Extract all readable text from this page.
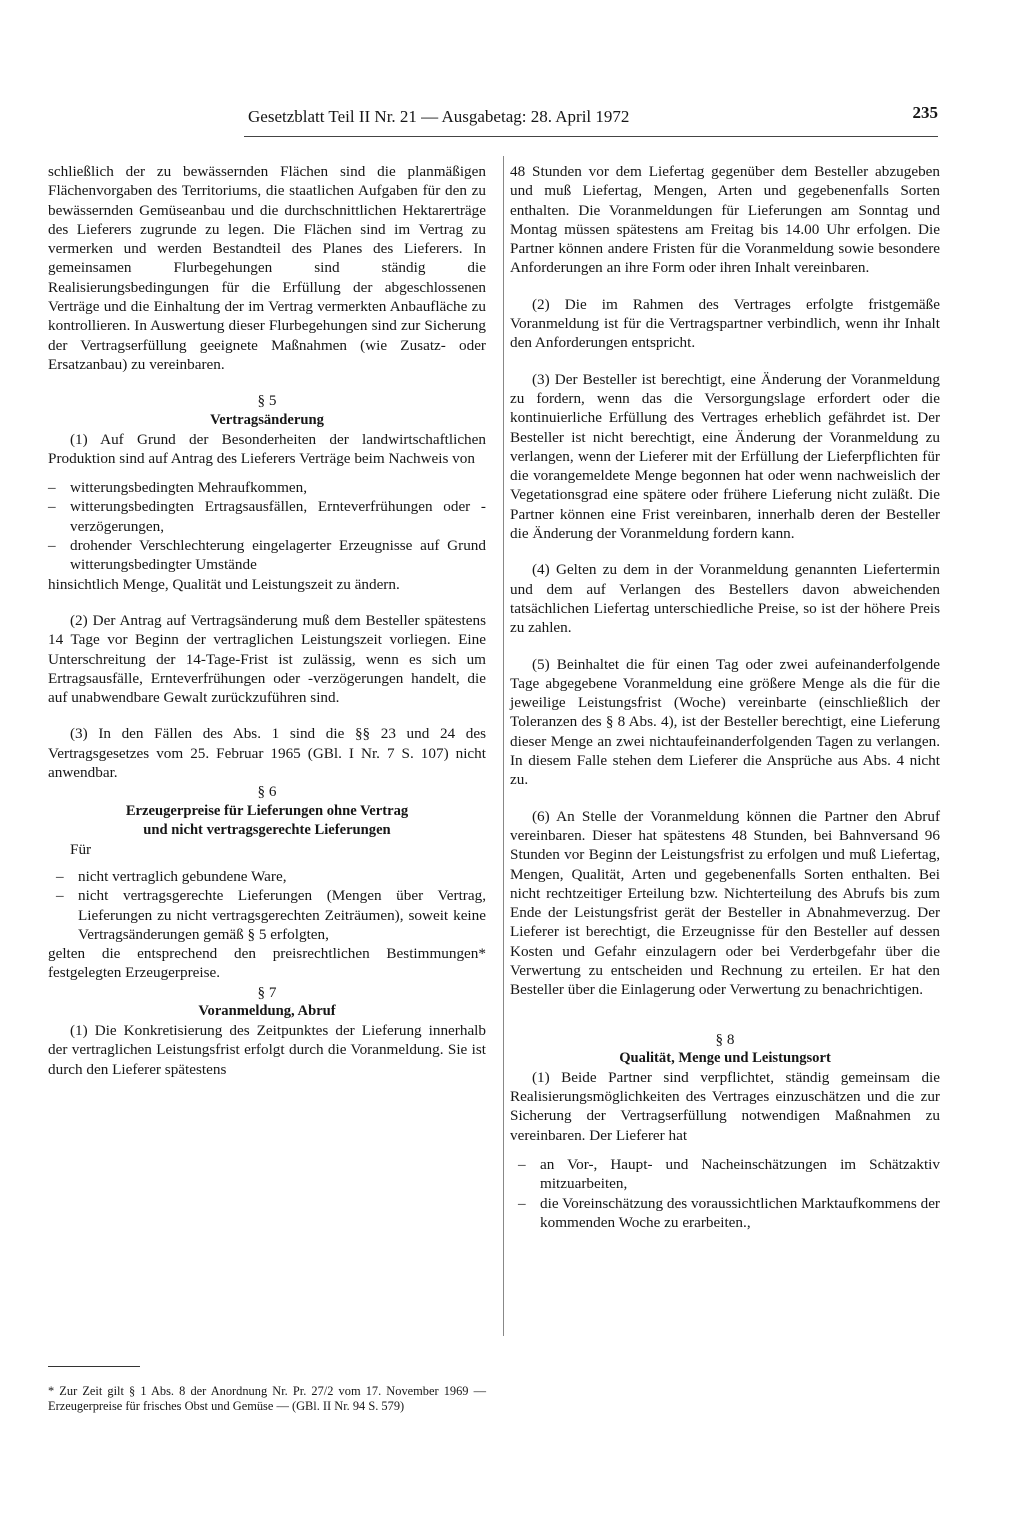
Gesetzblatt Teil II Nr. 21 — Ausgabetag: 28. April 1972	235

schließlich der zu bewässernden Flächen sind die planmäßigen Flächenvorgaben des Territoriums, die staatlichen Aufgaben für den zu bewässernden Gemüseanbau und die durchschnittlichen Hektarerträge des Lieferers zugrunde zu legen. Die Flächen sind im Vertrag zu vermerken und werden Bestandteil des Planes des Lieferers. In gemeinsamen Flurbegehungen sind ständig die Realisierungsbedingungen für die Erfüllung der abgeschlossenen Verträge und die Einhaltung der im Vertrag vermerkten Anbaufläche zu kontrollieren. In Auswertung dieser Flurbegehungen sind zur Sicherung der Vertragserfüllung geeignete Maßnahmen (wie Zusatz- oder Ersatzanbau) zu vereinbaren.

§ 5

Vertragsänderung

(1) Auf Grund der Besonderheiten der landwirtschaftlichen Produktion sind auf Antrag des Lieferers Verträge beim Nachweis von

– witterungsbedingten Mehraufkommen,

– witterungsbedingten Ertragsausfällen, Ernteverfrühungen oder -verzögerungen,

– drohender Verschlechterung eingelagerter Erzeugnisse auf Grund witterungsbedingter Umstände

hinsichtlich Menge, Qualität und Leistungszeit zu ändern.

(2) Der Antrag auf Vertragsänderung muß dem Besteller spätestens 14 Tage vor Beginn der vertraglichen Leistungszeit vorliegen. Eine Unterschreitung der 14-Tage-Frist ist zulässig, wenn es sich um Ertragsausfälle, Ernteverfrühungen oder -verzögerungen handelt, die auf unabwendbare Gewalt zurückzuführen sind.

(3) In den Fällen des Abs. 1 sind die §§ 23 und 24 des Vertragsgesetzes vom 25. Februar 1965 (GBl. I Nr. 7 S. 107) nicht anwendbar.

§ 6

Erzeugerpreise für Lieferungen ohne Vertrag
und nicht vertragsgerechte Lieferungen

Für

– nicht vertraglich gebundene Ware,

– nicht vertragsgerechte Lieferungen (Mengen über Vertrag, Lieferungen zu nicht vertragsgerechten Zeiträumen), soweit keine Vertragsänderungen gemäß § 5 erfolgten,

gelten die entsprechend den preisrechtlichen Bestimmungen* festgelegten Erzeugerpreise.

§ 7

Voranmeldung, Abruf

(1) Die Konkretisierung des Zeitpunktes der Lieferung innerhalb der vertraglichen Leistungsfrist erfolgt durch die Voranmeldung. Sie ist durch den Lieferer spätestens

* Zur Zeit gilt § 1 Abs. 8 der Anordnung Nr. Pr. 27/2 vom 17. November 1969 — Erzeugerpreise für frisches Obst und Gemüse — (GBl. II Nr. 94 S. 579)

48 Stunden vor dem Liefertag gegenüber dem Besteller abzugeben und muß Liefertag, Mengen, Arten und gegebenenfalls Sorten enthalten. Die Voranmeldungen für Lieferungen am Sonntag und Montag müssen spätestens am Freitag bis 14.00 Uhr erfolgen. Die Partner können andere Fristen für die Voranmeldung sowie besondere Anforderungen an ihre Form oder ihren Inhalt vereinbaren.

(2) Die im Rahmen des Vertrages erfolgte fristgemäße Voranmeldung ist für die Vertragspartner verbindlich, wenn ihr Inhalt den Anforderungen entspricht.

(3) Der Besteller ist berechtigt, eine Änderung der Voranmeldung zu fordern, wenn das die Versorgungslage erfordert oder die kontinuierliche Erfüllung des Vertrages erheblich gefährdet ist. Der Besteller ist nicht berechtigt, eine Änderung der Voranmeldung zu verlangen, wenn der Lieferer mit der Erfüllung der Lieferpflichten für die vorangemeldete Menge begonnen hat oder wenn nachweislich der Vegetationsgrad eine spätere oder frühere Lieferung nicht zuläßt. Die Partner können eine Frist vereinbaren, innerhalb deren der Besteller die Änderung der Voranmeldung fordern kann.

(4) Gelten zu dem in der Voranmeldung genannten Liefertermin und dem auf Verlangen des Bestellers davon abweichenden tatsächlichen Liefertag unterschiedliche Preise, so ist der höhere Preis zu zahlen.

(5) Beinhaltet die für einen Tag oder zwei aufeinanderfolgende Tage abgegebene Voranmeldung eine größere Menge als die für die jeweilige Leistungsfrist (Woche) vereinbarte (einschließlich der Toleranzen des § 8 Abs. 4), ist der Besteller berechtigt, eine Lieferung dieser Menge an zwei nichtaufeinanderfolgenden Tagen zu verlangen. In diesem Falle stehen dem Lieferer die Ansprüche aus Abs. 4 nicht zu.

(6) An Stelle der Voranmeldung können die Partner den Abruf vereinbaren. Dieser hat spätestens 48 Stunden, bei Bahnversand 96 Stunden vor Beginn der Leistungsfrist zu erfolgen und muß Liefertag, Mengen, Qualität, Arten und gegebenenfalls Sorten enthalten. Bei nicht rechtzeitiger Erteilung bzw. Nichterteilung des Abrufs bis zum Ende der Leistungsfrist gerät der Besteller in Abnahmeverzug. Der Lieferer ist berechtigt, die Erzeugnisse für den Besteller auf dessen Kosten und Gefahr einzulagern oder bei Verderbgefahr über die Verwertung zu entscheiden und Rechnung zu erteilen. Er hat den Besteller über die Einlagerung oder Verwertung zu benachrichtigen.

§ 8

Qualität, Menge und Leistungsort

(1) Beide Partner sind verpflichtet, ständig gemeinsam die Realisierungsmöglichkeiten des Vertrages einzuschätzen und die zur Sicherung der Vertragserfüllung notwendigen Maßnahmen zu vereinbaren. Der Lieferer hat

– an Vor-, Haupt- und Nacheinschätzungen im Schätzaktiv mitzuarbeiten,

– die Voreinschätzung des voraussichtlichen Marktaufkommens der kommenden Woche zu erarbeiten.,
